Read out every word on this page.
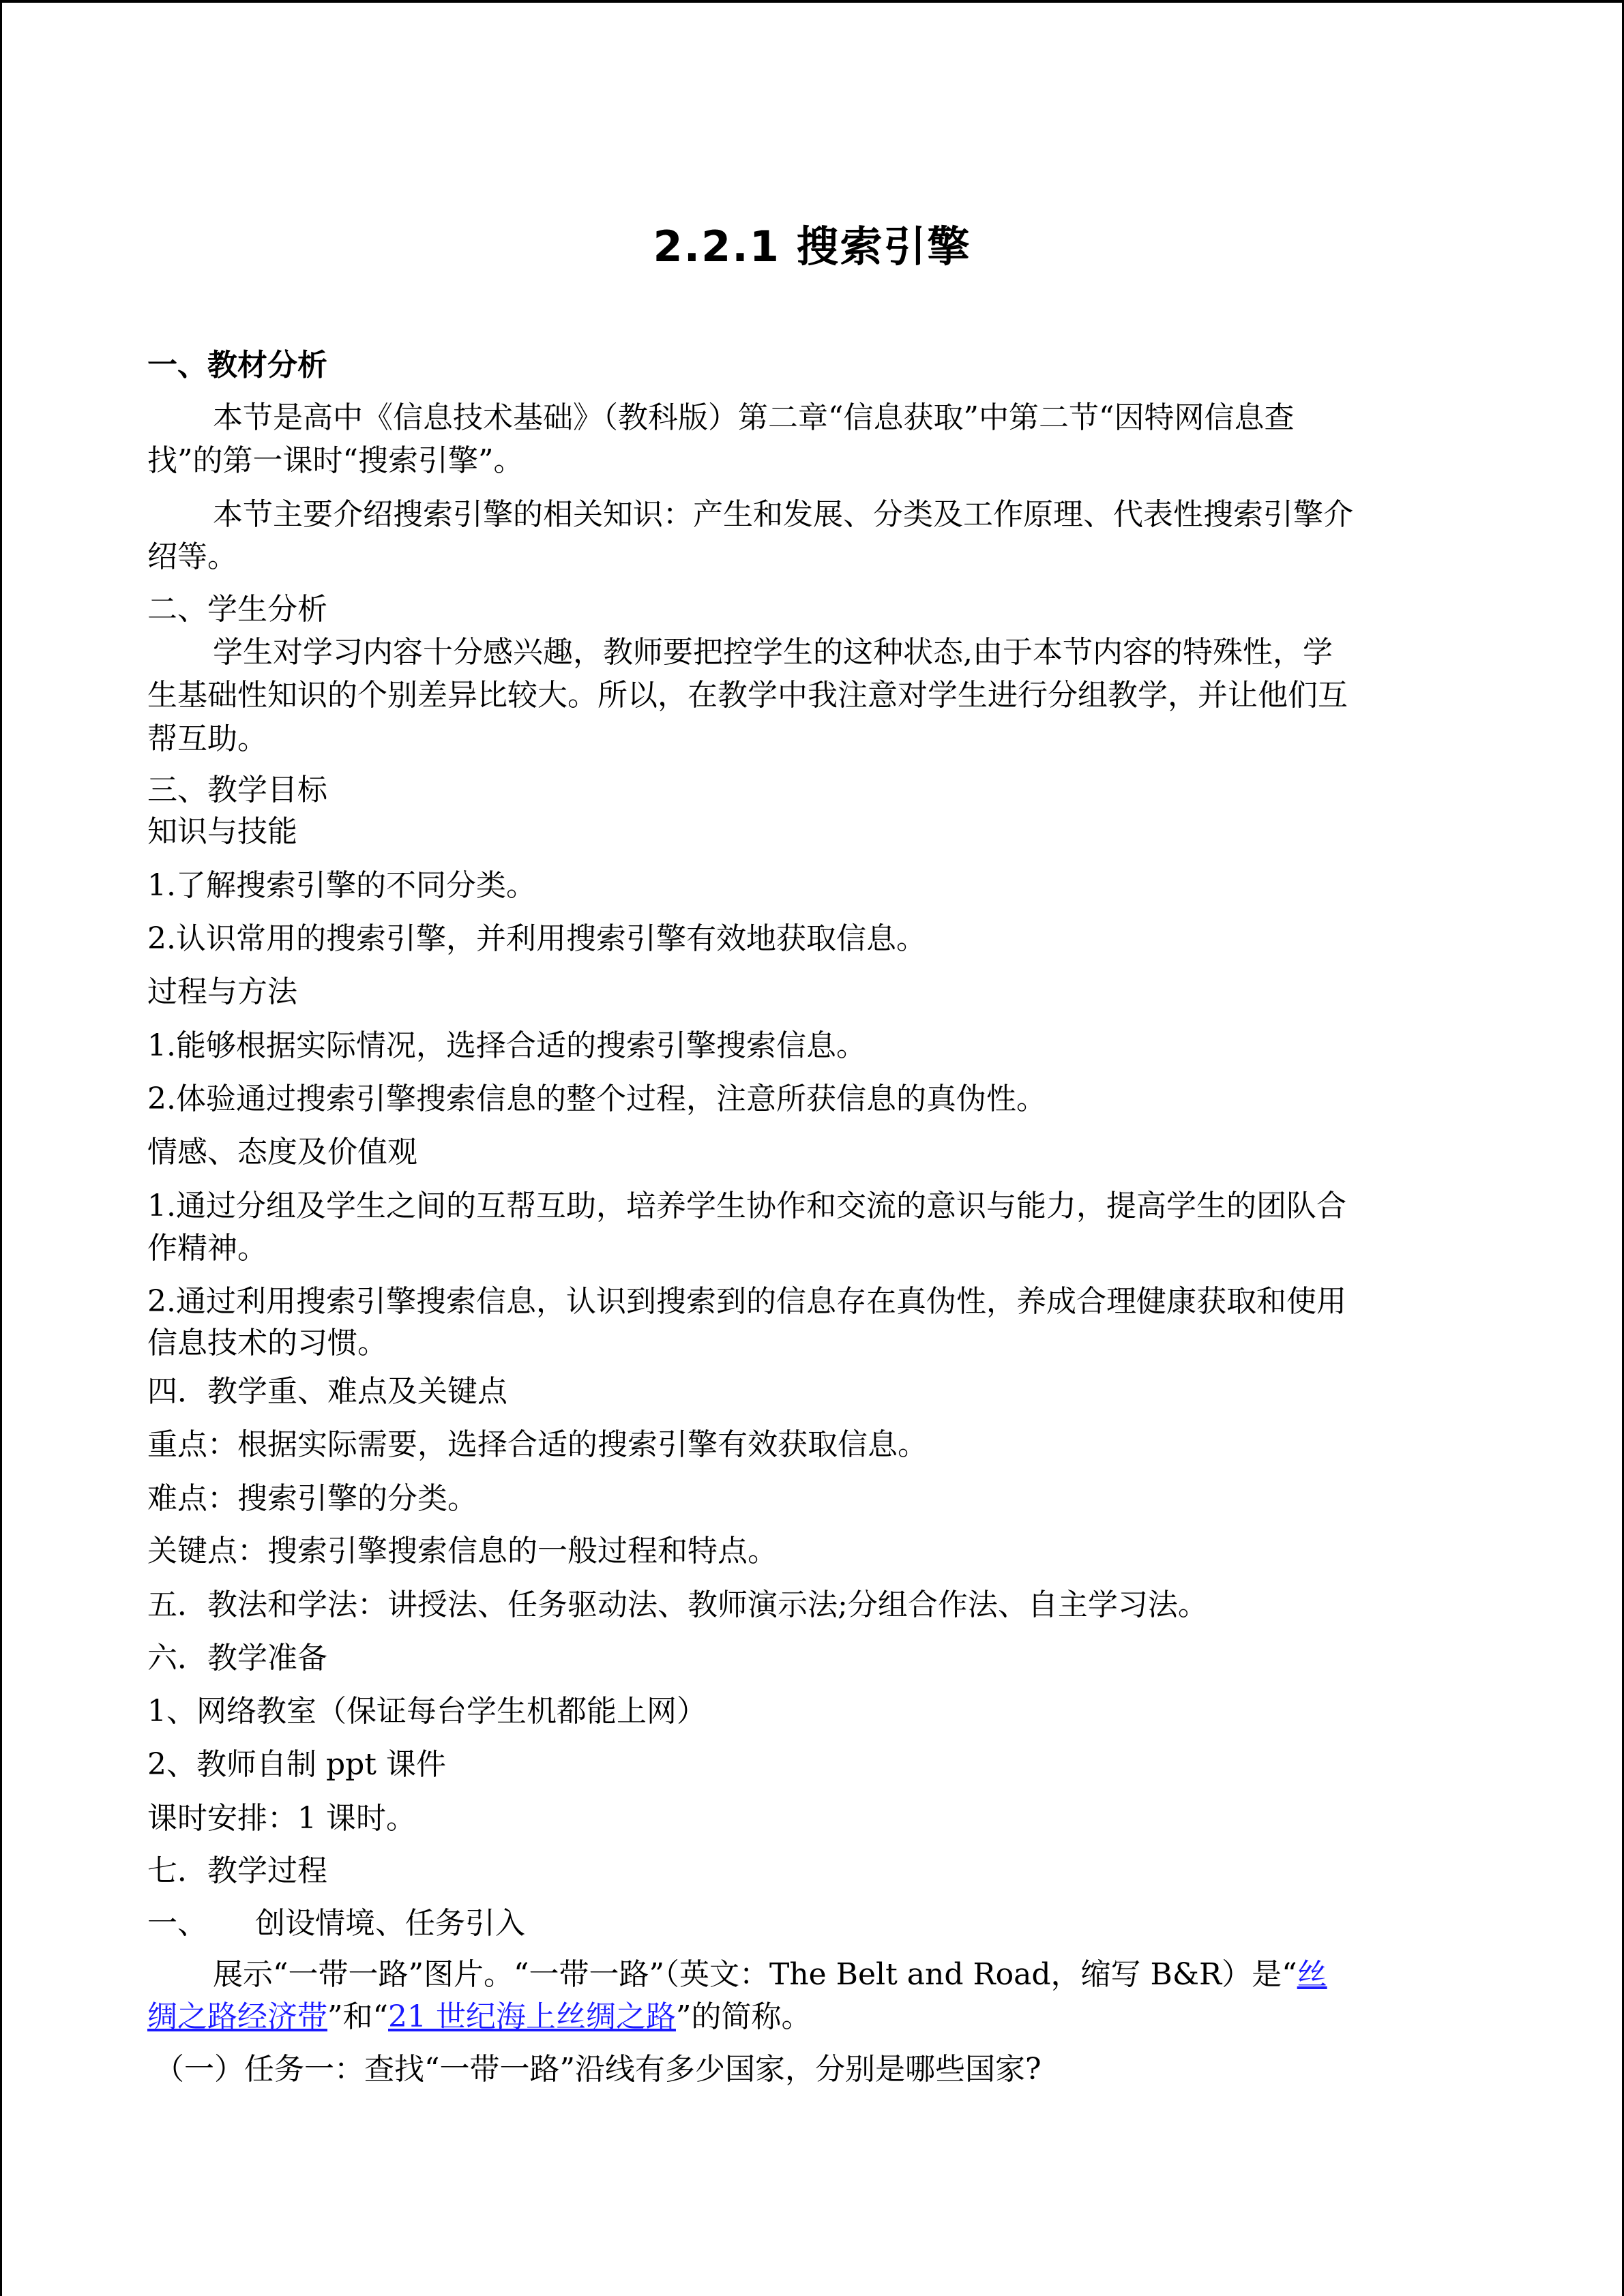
2.2.1 搜索引擎
一、教材分析
本节是高中《信息技术基础》（教科版）第二章“信息获取”中第二节“因特网信息查
找”的第一课时“搜索引擎”。
本节主要介绍搜索引擎的相关知识：产生和发展、分类及工作原理、代表性搜索引擎介
绍等。
二、学生分析
学生对学习内容十分感兴趣，教师要把控学生的这种状态,由于本节内容的特殊性，学
生基础性知识的个别差异比较大。所以，在教学中我注意对学生进行分组教学，并让他们互
帮互助。
三、教学目标
知识与技能
1.了解搜索引擎的不同分类。
2.认识常用的搜索引擎，并利用搜索引擎有效地获取信息。
过程与方法
1.能够根据实际情况，选择合适的搜索引擎搜索信息。
2.体验通过搜索引擎搜索信息的整个过程，注意所获信息的真伪性。
情感、态度及价值观
1.通过分组及学生之间的互帮互助，培养学生协作和交流的意识与能力，提高学生的团队合
作精神。
2.通过利用搜索引擎搜索信息，认识到搜索到的信息存在真伪性，养成合理健康获取和使用
信息技术的习惯。
四．教学重、难点及关键点
重点：根据实际需要，选择合适的搜索引擎有效获取信息。
难点：搜索引擎的分类。
关键点：搜索引擎搜索信息的一般过程和特点。
五．教法和学法：讲授法、任务驱动法、教师演示法;分组合作法、自主学习法。
六．教学准备
1、网络教室（保证每台学生机都能上网）
2、教师自制 ppt 课件
课时安排：1 课时。
七．教学过程
一、 创设情境、任务引入
展示“一带一路”图片。“一带一路”（英文：The Belt and Road，缩写 B&R）是“丝
绸之路经济带”和“21 世纪海上丝绸之路”的简称。
（一）任务一：查找“一带一路”沿线有多少国家，分别是哪些国家?
